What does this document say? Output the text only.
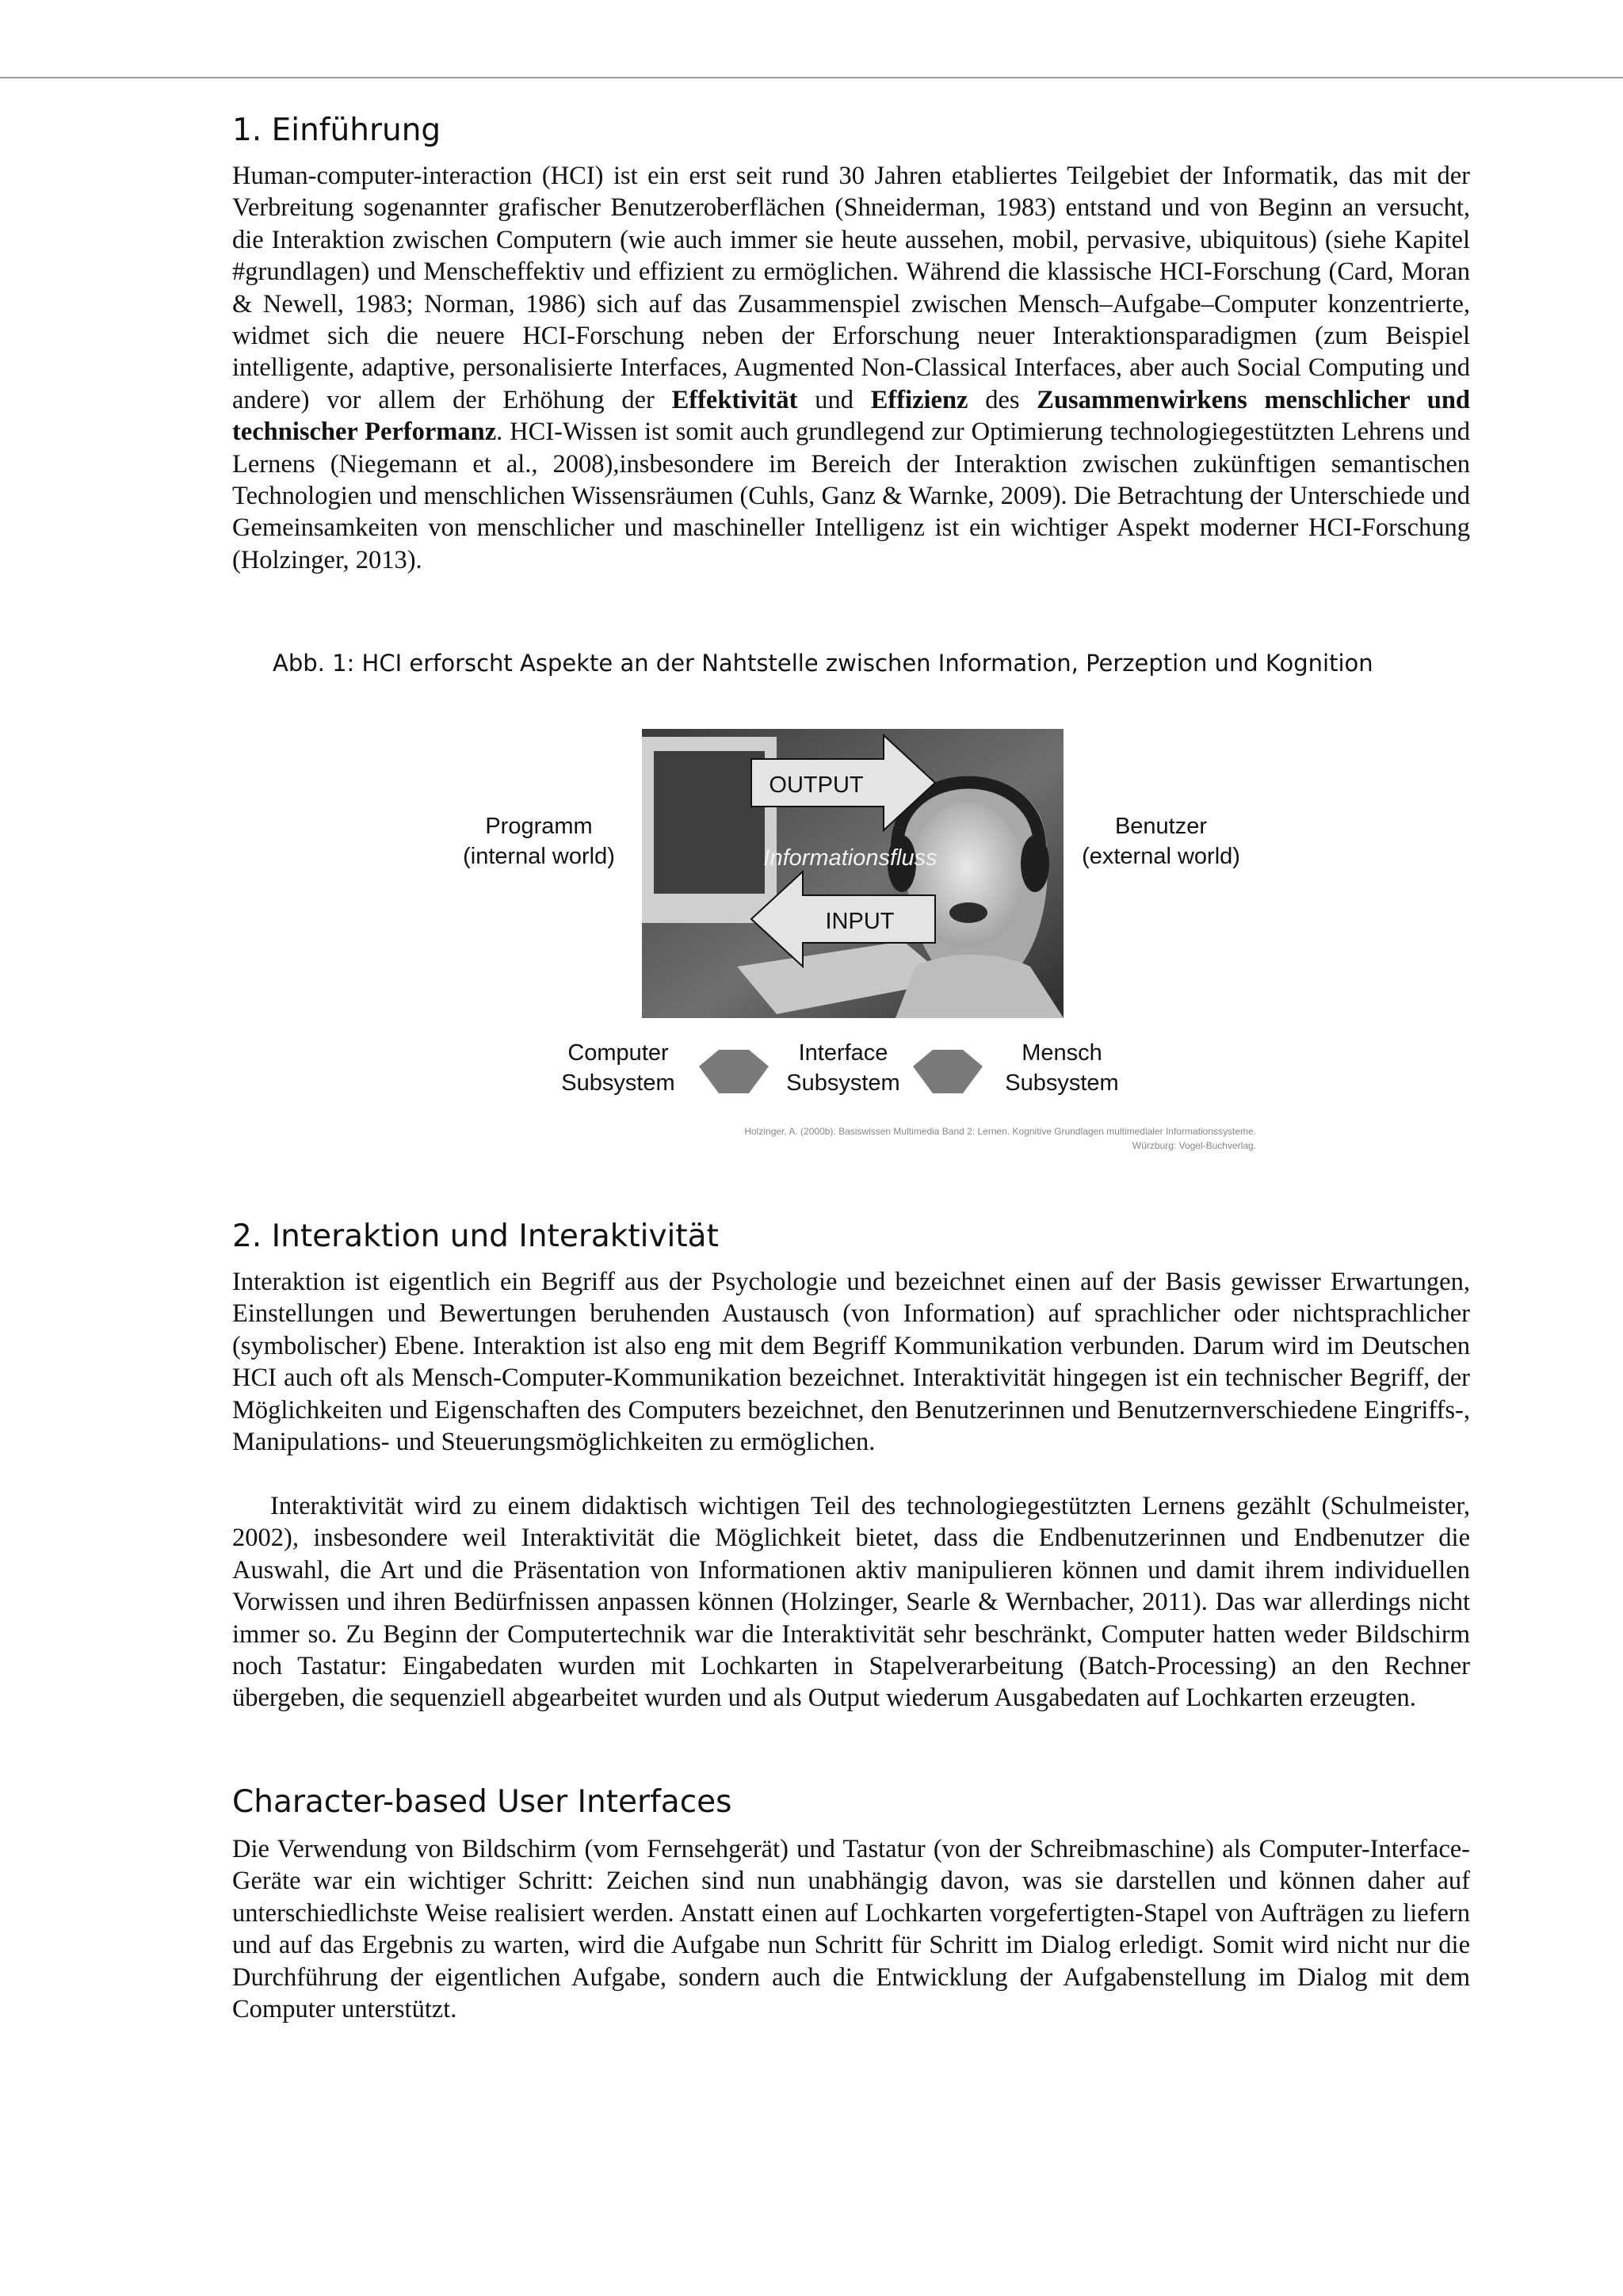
1. Einführung

Human-computer-interaction (HCI) ist ein erst seit rund 30 Jahren etabliertes Teilgebiet der Informatik, das mit der Verbreitung sogenannter grafischer Benutzeroberflächen (Shneiderman, 1983) entstand und von Beginn an versucht, die Interaktion zwischen Computern (wie auch immer sie heute aussehen, mobil, pervasive, ubiquitous) (siehe Kapitel #grundlagen) und Menscheffektiv und effizient zu ermöglichen. Während die klassische HCI-Forschung (Card, Moran & Newell, 1983; Norman, 1986) sich auf das Zusammenspiel zwischen Mensch–Aufgabe–Computer konzentrierte, widmet sich die neuere HCI-Forschung neben der Erforschung neuer Interaktionsparadigmen (zum Beispiel intelligente, adaptive, personalisierte Interfaces, Augmented Non-Classical Interfaces, aber auch Social Computing und andere) vor allem der Erhöhung der Effektivität und Effizienz des Zusammenwirkens menschlicher und technischer Performanz. HCI-Wissen ist somit auch grundlegend zur Optimierung technologiegestützten Lehrens und Lernens (Niegemann et al., 2008),insbesondere im Bereich der Interaktion zwischen zukünftigen semantischen Technologien und menschlichen Wissensräumen (Cuhls, Ganz & Warnke, 2009). Die Betrachtung der Unterschiede und Gemeinsamkeiten von menschlicher und maschineller Intelligenz ist ein wichtiger Aspekt moderner HCI-Forschung (Holzinger, 2013).

Abb. 1: HCI erforscht Aspekte an der Nahtstelle zwischen Information, Perzeption und Kognition

OUTPUT
Informationsfluss
INPUT
Programm
(internal world)
Benutzer
(external world)
Computer
Subsystem
Interface
Subsystem
Mensch
Subsystem
Holzinger, A. (2000b). Basiswissen Multimedia Band 2: Lernen. Kognitive Grundlagen multimedialer Informationssysteme.
Würzburg: Vogel-Buchverlag.
2. Interaktion und Interaktivität

Interaktion ist eigentlich ein Begriff aus der Psychologie und bezeichnet einen auf der Basis gewisser Erwartungen, Einstellungen und Bewertungen beruhenden Austausch (von Information) auf sprachlicher oder nichtsprachlicher (symbolischer) Ebene. Interaktion ist also eng mit dem Begriff Kommunikation verbunden. Darum wird im Deutschen HCI auch oft als Mensch-Computer-Kommunikation bezeichnet. Interaktivität hingegen ist ein technischer Begriff, der Möglichkeiten und Eigenschaften des Computers bezeichnet, den Benutzerinnen und Benutzernverschiedene Eingriffs-, Manipulations- und Steuerungsmöglichkeiten zu ermöglichen.

Interaktivität wird zu einem didaktisch wichtigen Teil des technologiegestützten Lernens gezählt (Schulmeister, 2002), insbesondere weil Interaktivität die Möglichkeit bietet, dass die Endbenutzerinnen und Endbenutzer die Auswahl, die Art und die Präsentation von Informationen aktiv manipulieren können und damit ihrem individuellen Vorwissen und ihren Bedürfnissen anpassen können (Holzinger, Searle & Wernbacher, 2011). Das war allerdings nicht immer so. Zu Beginn der Computertechnik war die Interaktivität sehr beschränkt, Computer hatten weder Bildschirm noch Tastatur: Eingabedaten wurden mit Lochkarten in Stapelverarbeitung (Batch-Processing) an den Rechner übergeben, die sequenziell abgearbeitet wurden und als Output wiederum Ausgabedaten auf Lochkarten erzeugten.

Character-based User Interfaces

Die Verwendung von Bildschirm (vom Fernsehgerät) und Tastatur (von der Schreibmaschine) als Computer-Interface-Geräte war ein wichtiger Schritt: Zeichen sind nun unabhängig davon, was sie darstellen und können daher auf unterschiedlichste Weise realisiert werden. Anstatt einen auf Lochkarten vorgefertigten-Stapel von Aufträgen zu liefern und auf das Ergebnis zu warten, wird die Aufgabe nun Schritt für Schritt im Dialog erledigt. Somit wird nicht nur die Durchführung der eigentlichen Aufgabe, sondern auch die Entwicklung der Aufgabenstellung im Dialog mit dem Computer unterstützt.
